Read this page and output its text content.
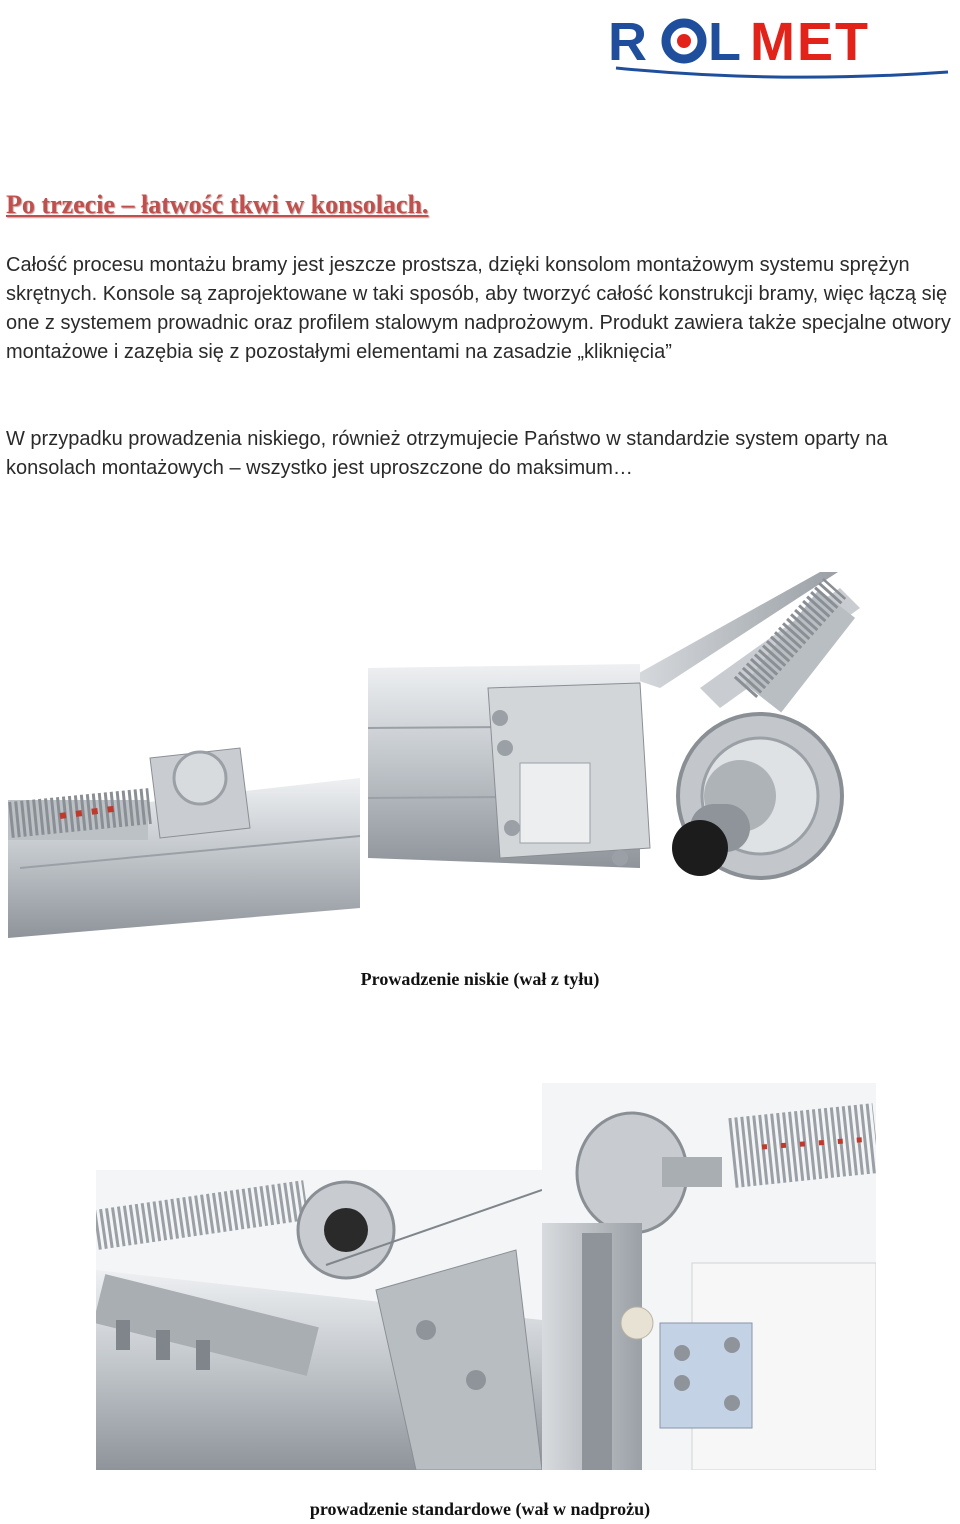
R L MET
Po trzecie – łatwość tkwi w konsolach.

Całość procesu montażu bramy jest jeszcze prostsza, dzięki konsolom montażowym systemu sprężyn skrętnych. Konsole są zaprojektowane w taki sposób, aby tworzyć całość konstrukcji bramy, więc łączą się one z systemem prowadnic oraz profilem stalowym nadprożowym. Produkt zawiera także specjalne otwory montażowe i zazębia się z pozostałymi elementami na zasadzie „kliknięcia”

W przypadku prowadzenia niskiego, również otrzymujecie Państwo w standardzie system oparty na konsolach montażowych – wszystko jest uproszczone do maksimum…

Prowadzenie niskie (wał z tyłu)

prowadzenie standardowe (wał w nadprożu)
